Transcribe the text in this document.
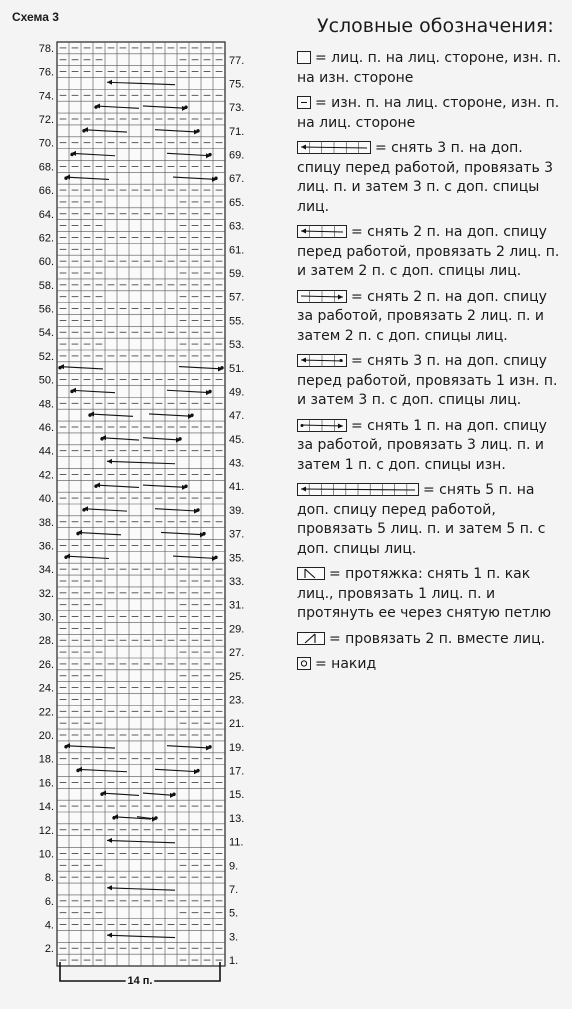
Схема 3
1.
2.
3.
4.
5.
6.
7.
8.
9.
10.
11.
12.
13.
14.
15.
16.
17.
18.
19.
20.
21.
22.
23.
24.
25.
26.
27.
28.
29.
30.
31.
32.
33.
34.
35.
36.
37.
38.
39.
40.
41.
42.
43.
44.
45.
46.
47.
48.
49.
50.
51.
52.
53.
54.
55.
56.
57.
58.
59.
60.
61.
62.
63.
64.
65.
66.
67.
68.
69.
70.
71.
72.
73.
74.
75.
76.
77.
78.
14 п.
Условные обозначения:
= лиц. п. на лиц. стороне, изн. п. на изн. стороне
= изн. п. на лиц. стороне, изн. п. на лиц. стороне
= снять 3 п. на доп. спицу перед работой, провязать 3 лиц. п. и затем 3 п. с доп. спицы лиц.
= снять 2 п. на доп. спицу перед работой, провязать 2 лиц. п. и затем 2 п. с доп. спицы лиц.
= снять 2 п. на доп. спицу за работой, провязать 2 лиц. п. и затем 2 п. с доп. спицы лиц.
= снять 3 п. на доп. спицу перед работой, провязать 1 изн. п. и затем 3 п. с доп. спицы лиц.
= снять 1 п. на доп. спицу за работой, провязать 3 лиц. п. и затем 1 п. с доп. спицы изн.
= снять 5 п. на доп. спицу перед работой, провязать 5 лиц. п. и затем 5 п. с доп. спицы лиц.
= протяжка: снять 1 п. как лиц., провязать 1 лиц. п. и протянуть ее через снятую петлю
= провязать 2 п. вместе лиц.
= накид
